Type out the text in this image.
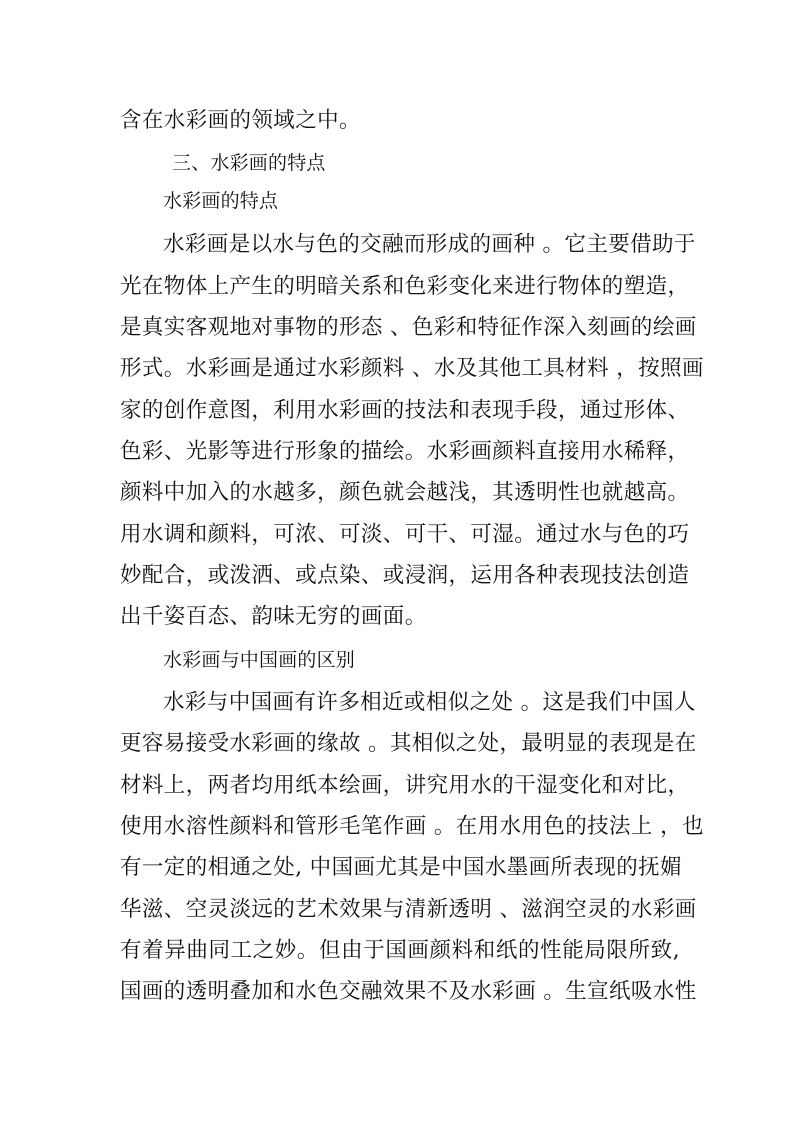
含在水彩画的领域之中。
三、水彩画的特点
水彩画的特点
水彩画是以水与色的交融而形成的画种 。它主要借助于
光在物体上产生的明暗关系和色彩变化来进行物体的塑造，
是真实客观地对事物的形态 、色彩和特征作深入刻画的绘画
形式。水彩画是通过水彩颜料 、水及其他工具材料 ，按照画
家的创作意图，利用水彩画的技法和表现手段，通过形体、
色彩、光影等进行形象的描绘。水彩画颜料直接用水稀释，
颜料中加入的水越多，颜色就会越浅，其透明性也就越高。
用水调和颜料，可浓、可淡、可干、可湿。通过水与色的巧
妙配合，或泼洒、或点染、或浸润，运用各种表现技法创造
出千姿百态、韵味无穷的画面。
水彩画与中国画的区别
水彩与中国画有许多相近或相似之处 。这是我们中国人
更容易接受水彩画的缘故 。其相似之处，最明显的表现是在
材料上，两者均用纸本绘画，讲究用水的干湿变化和对比，
使用水溶性颜料和管形毛笔作画 。在用水用色的技法上 ，也
有一定的相通之处, 中国画尤其是中国水墨画所表现的抚媚
华滋、空灵淡远的艺术效果与清新透明 、滋润空灵的水彩画
有着异曲同工之妙。但由于国画颜料和纸的性能局限所致,
国画的透明叠加和水色交融效果不及水彩画 。生宣纸吸水性
